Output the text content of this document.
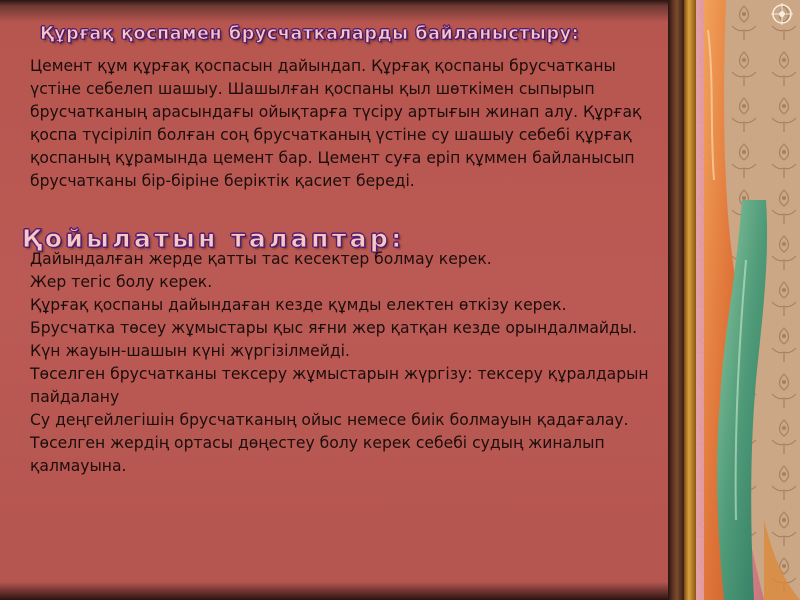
Құрғақ қоспамен брусчаткаларды байланыстыру:
Цемент құм құрғақ қоспасын дайындап. Құрғақ қоспаны брусчатканы үстіне себелеп шашыу. Шашылған қоспаны қыл шөткімен сыпырып брусчатканың арасындағы ойықтарға түсіру артығын жинап алу. Құрғақ қоспа түсіріліп болған соң брусчатканың үстіне су шашыу себебі құрғақ қоспаның құрамында цемент бар. Цемент суға еріп құммен байланысып брусчатканы бір-біріне беріктік қасиет береді.
Қойылатын талаптар:
Дайындалған жерде қатты тас кесектер болмау керек.
Жер тегіс болу керек.
Құрғақ қоспаны дайындаған кезде құмды електен өткізу керек.
Брусчатка төсеу жұмыстары қыс яғни жер қатқан кезде орындалмайды.
Күн жауын-шашын күні жүргізілмейді.
Төселген брусчатканы тексеру жұмыстарын жүргізу: тексеру құралдарын пайдалану
Су деңгейлегішін брусчатканың ойыс немесе биік болмауын қадағалау.
Төселген жердің ортасы дөңестеу болу керек себебі судың жиналып қалмауына.
